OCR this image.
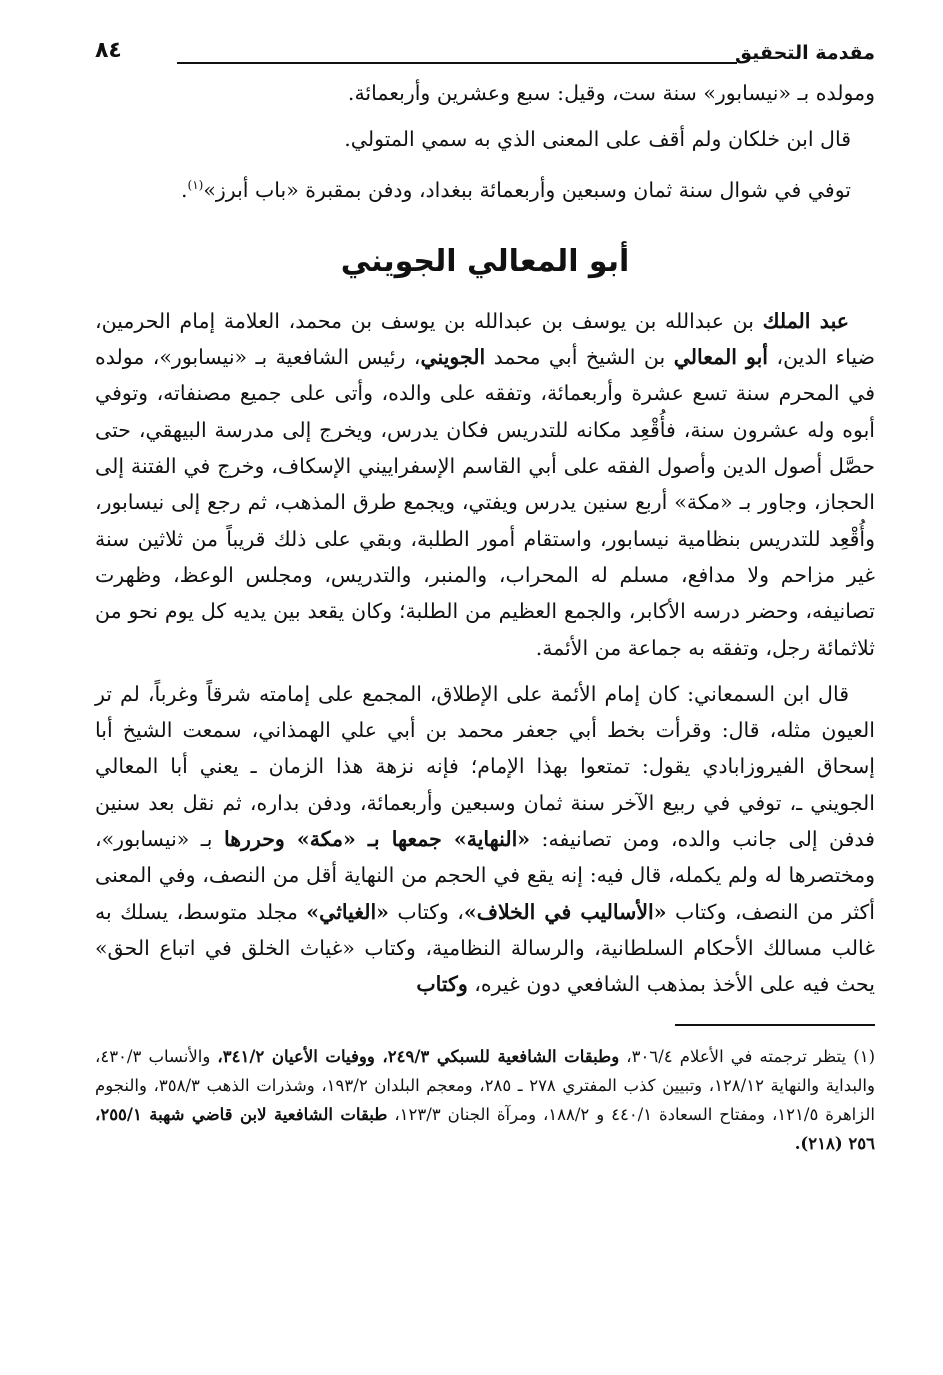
مقدمة التحقيق
٨٤

ومولده بـ «نيسابور» سنة ست، وقيل: سبع وعشرين وأربعمائة.

قال ابن خلكان ولم أقف على المعنى الذي به سمي المتولي.

توفي في شوال سنة ثمان وسبعين وأربعمائة ببغداد، ودفن بمقبرة «باب أبرز»$^{(١)}$.

أبو المعالي الجويني

عبد الملك بن عبدالله بن يوسف بن عبدالله بن يوسف بن محمد، العلامة إمام الحرمين، ضياء الدين، أبو المعالي بن الشيخ أبي محمد الجويني، رئيس الشافعية بـ «نيسابور»، مولده في المحرم سنة تسع عشرة وأربعمائة، وتفقه على والده، وأتى على جميع مصنفاته، وتوفي أبوه وله عشرون سنة، فأُقْعِد مكانه للتدريس فكان يدرس، ويخرج إلى مدرسة البيهقي، حتى حصَّل أصول الدين وأصول الفقه على أبي القاسم الإسفراييني الإسكاف، وخرج في الفتنة إلى الحجاز، وجاور بـ «مكة» أربع سنين يدرس ويفتي، ويجمع طرق المذهب، ثم رجع إلى نيسابور، وأُقْعِد للتدريس بنظامية نيسابور، واستقام أمور الطلبة، وبقي على ذلك قريباً من ثلاثين سنة غير مزاحم ولا مدافع، مسلم له المحراب، والمنبر، والتدريس، ومجلس الوعظ، وظهرت تصانيفه، وحضر درسه الأكابر، والجمع العظيم من الطلبة؛ وكان يقعد بين يديه كل يوم نحو من ثلاثمائة رجل، وتفقه به جماعة من الأئمة.

قال ابن السمعاني: كان إمام الأئمة على الإطلاق، المجمع على إمامته شرقاً وغرباً، لم تر العيون مثله، قال: وقرأت بخط أبي جعفر محمد بن أبي علي الهمذاني، سمعت الشيخ أبا إسحاق الفيروزابادي يقول: تمتعوا بهذا الإمام؛ فإنه نزهة هذا الزمان ـ يعني أبا المعالي الجويني ـ، توفي في ربيع الآخر سنة ثمان وسبعين وأربعمائة، ودفن بداره، ثم نقل بعد سنين فدفن إلى جانب والده، ومن تصانيفه: «النهاية» جمعها بـ «مكة» وحررها بـ «نيسابور»، ومختصرها له ولم يكمله، قال فيه: إنه يقع في الحجم من النهاية أقل من النصف، وفي المعنى أكثر من النصف، وكتاب «الأساليب في الخلاف»، وكتاب «الغياثي» مجلد متوسط، يسلك به غالب مسالك الأحكام السلطانية، والرسالة النظامية، وكتاب «غياث الخلق في اتباع الحق» يحث فيه على الأخذ بمذهب الشافعي دون غيره، وكتاب

(١) يتظر ترجمته في الأعلام ٣٠٦/٤، وطبقات الشافعية للسبكي ٢٤٩/٣، ووفيات الأعيان ٣٤١/٢، والأنساب ٤٣٠/٣، والبداية والنهاية ١٢٨/١٢، وتبيين كذب المفتري ٢٧٨ ـ ٢٨٥، ومعجم البلدان ١٩٣/٢، وشذرات الذهب ٣٥٨/٣، والنجوم الزاهرة ١٢١/٥، ومفتاح السعادة ٤٤٠/١ و ١٨٨/٢، ومرآة الجنان ١٢٣/٣، طبقات الشافعية لابن قاضي شهبة ٢٥٥/١، ٢٥٦ (٢١٨).
